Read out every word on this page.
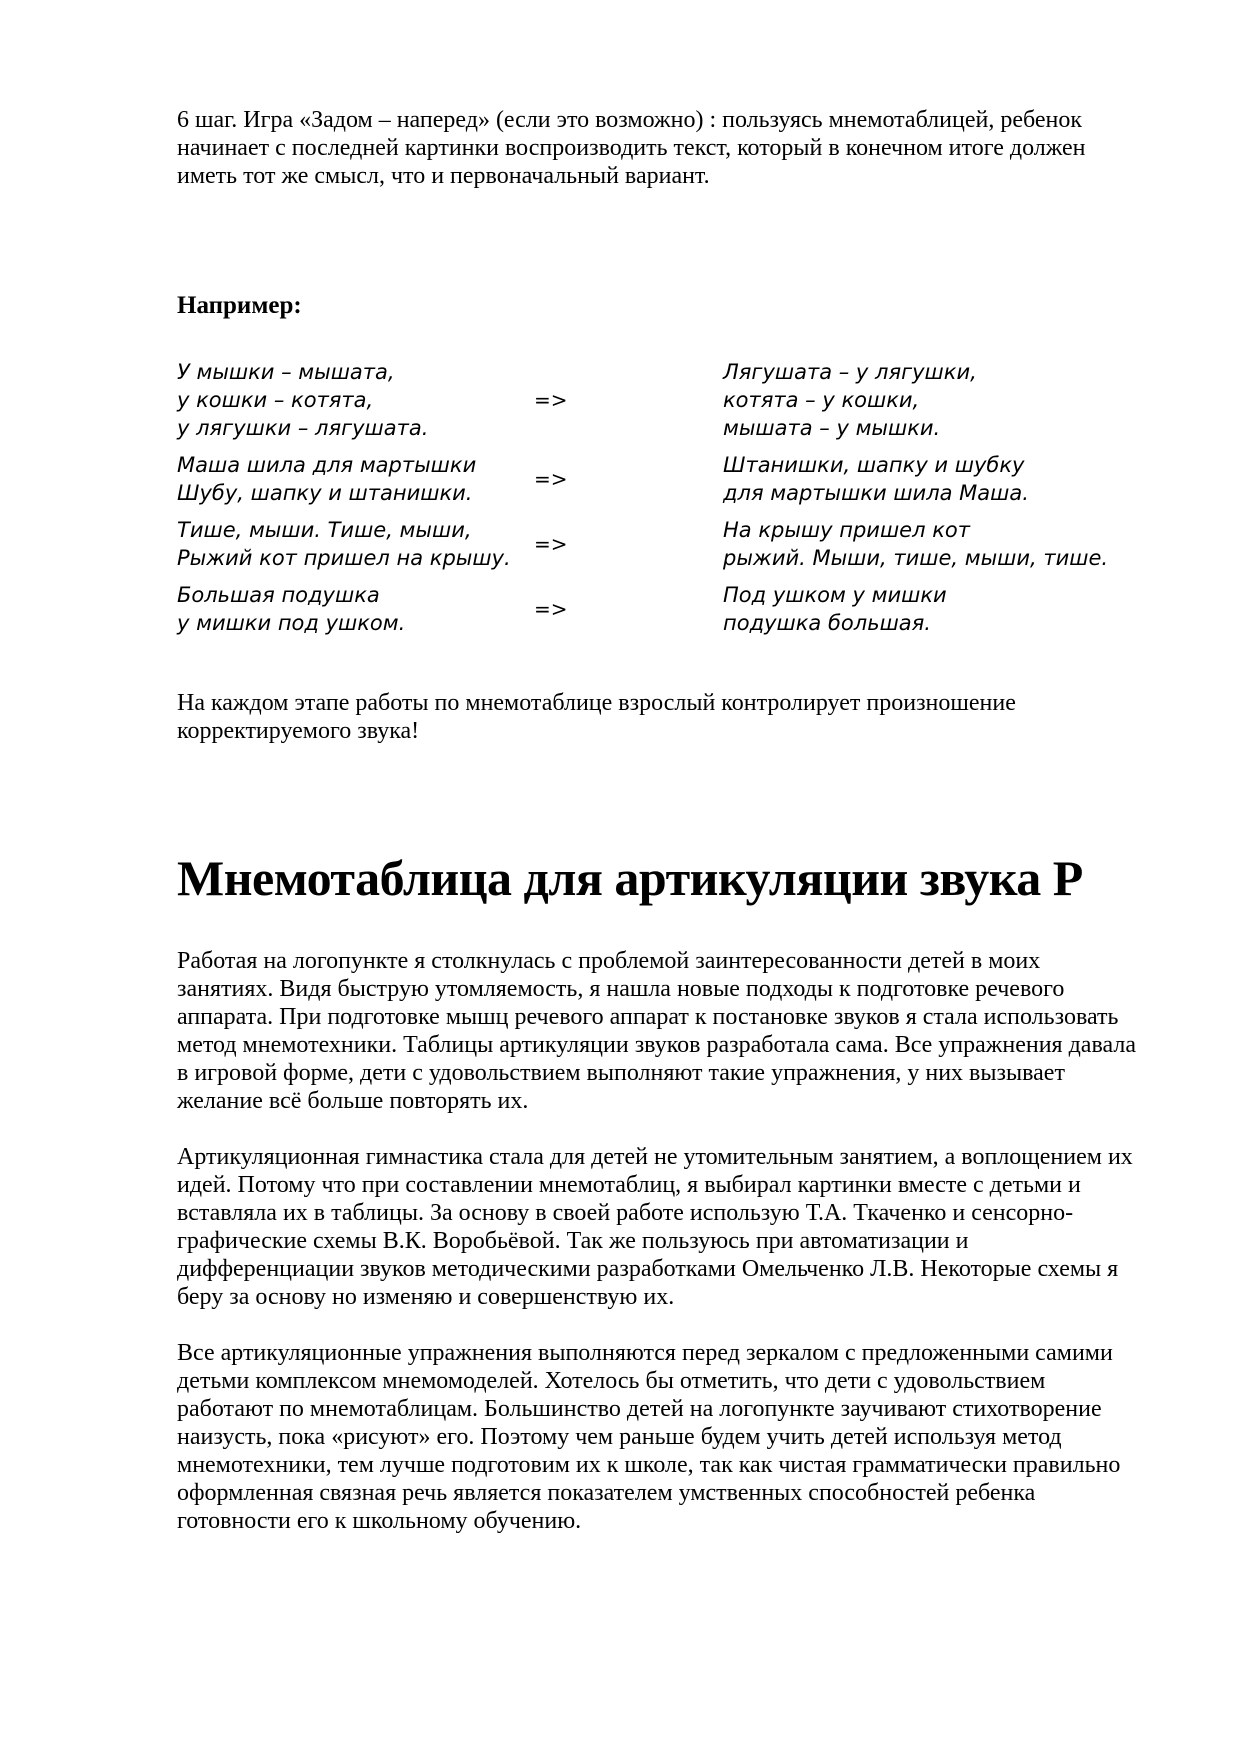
6 шаг. Игра «Задом – наперед» (если это возможно) : пользуясь мнемотаблицей, ребенок начинает с последней картинки воспроизводить текст, который в конечном итоге должен иметь тот же смысл, что и первоначальный вариант.

Например:

У мышки – мышата,
у кошки – котята,
у лягушки – лягушата.
=>
Лягушата – у лягушки,
котята – у кошки,
мышата – у мышки.
Маша шила для мартышки
Шубу, шапку и штанишки.
=>
Штанишки, шапку и шубку
для мартышки шила Маша.
Тише, мыши. Тише, мыши,
Рыжий кот пришел на крышу.
=>
На крышу пришел кот
рыжий. Мыши, тише, мыши, тише.
Большая подушка
у мишки под ушком.
=>
Под ушком у мишки
подушка большая.

На каждом этапе работы по мнемотаблице взрослый контролирует произношение корректируемого звука!

Мнемотаблица для артикуляции звука Р

Работая на логопункте я столкнулась с проблемой заинтересованности детей в моих занятиях. Видя быструю утомляемость, я нашла новые подходы к подготовке речевого аппарата. При подготовке мышц речевого аппарат к постановке звуков я стала использовать метод мнемотехники. Таблицы артикуляции звуков разработала сама. Все упражнения давала в игровой форме, дети с удовольствием выполняют такие упражнения, у них вызывает желание всё больше повторять их.

Артикуляционная гимнастика стала для детей не утомительным занятием, а воплощением их идей. Потому что при составлении мнемотаблиц, я выбирал картинки вместе с детьми и вставляла их в таблицы. За основу в своей работе использую Т.А. Ткаченко и сенсорно-графические схемы В.К. Воробьёвой. Так же пользуюсь при автоматизации и дифференциации звуков методическими разработками Омельченко Л.В. Некоторые схемы я беру за основу но изменяю и совершенствую их.

Все артикуляционные упражнения выполняются перед зеркалом с предложенными самими детьми комплексом мнемомоделей. Хотелось бы отметить, что дети с удовольствием работают по мнемотаблицам. Большинство детей на логопункте заучивают стихотворение наизусть, пока «рисуют» его. Поэтому чем раньше будем учить детей используя метод мнемотехники, тем лучше подготовим их к школе, так как чистая грамматически правильно оформленная связная речь является показателем умственных способностей ребенка готовности его к школьному обучению.
